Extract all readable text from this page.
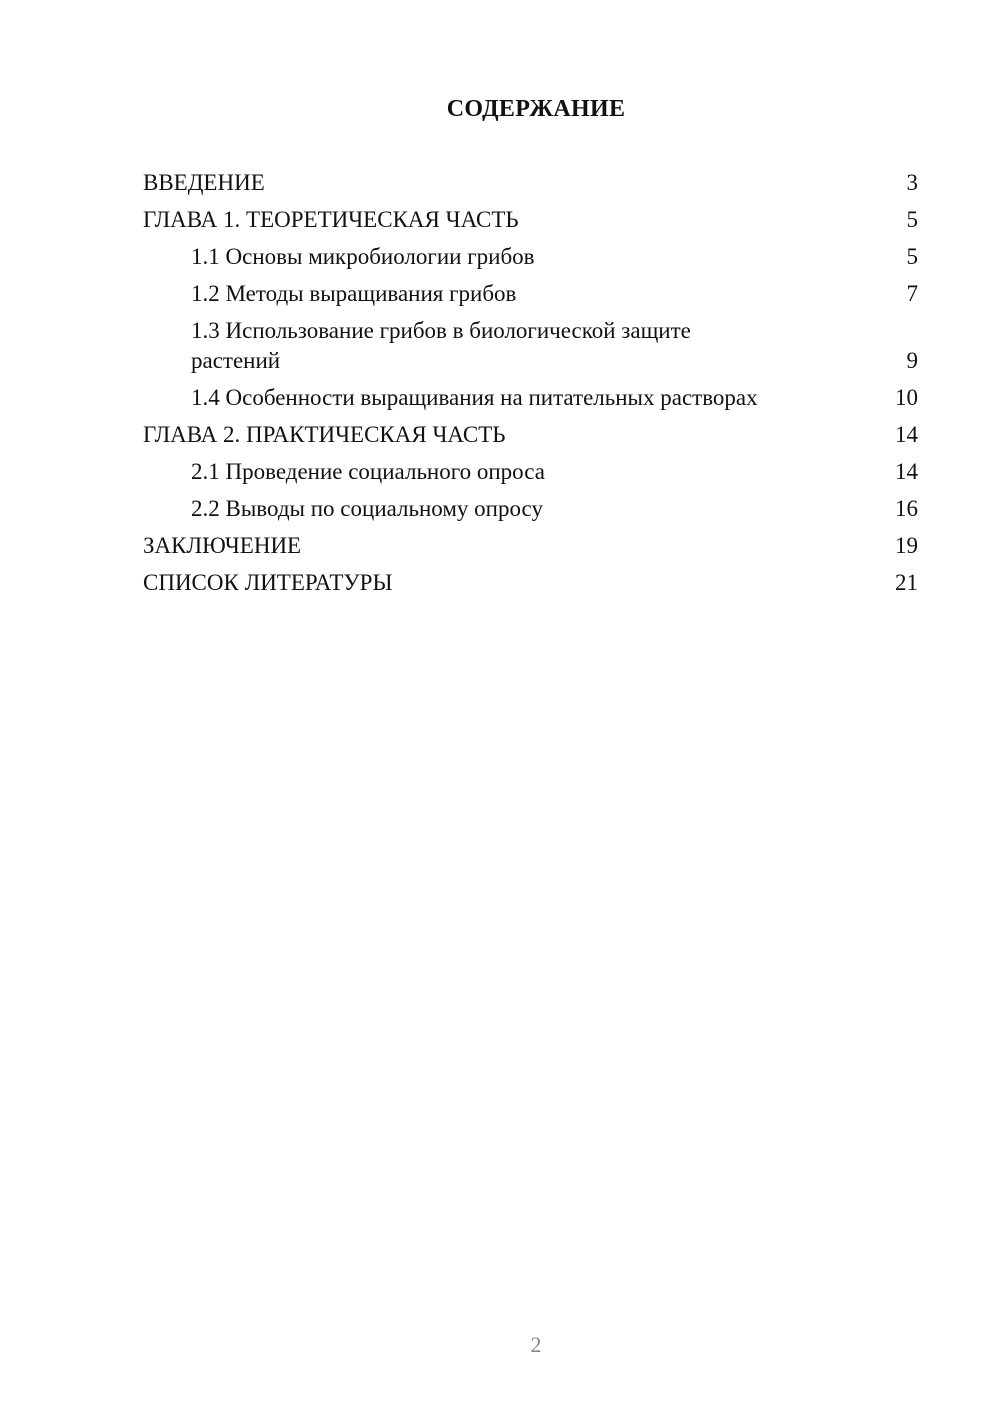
СОДЕРЖАНИЕ
ВВЕДЕНИЕ	3
ГЛАВА 1. ТЕОРЕТИЧЕСКАЯ ЧАСТЬ	5
1.1 Основы микробиологии грибов	5
1.2 Методы выращивания грибов	7
1.3 Использование грибов в биологической защите растений	9
1.4 Особенности выращивания на питательных растворах	10
ГЛАВА 2. ПРАКТИЧЕСКАЯ ЧАСТЬ	14
2.1 Проведение социального опроса	14
2.2 Выводы по социальному опросу	16
ЗАКЛЮЧЕНИЕ	19
СПИСОК ЛИТЕРАТУРЫ	21
2
